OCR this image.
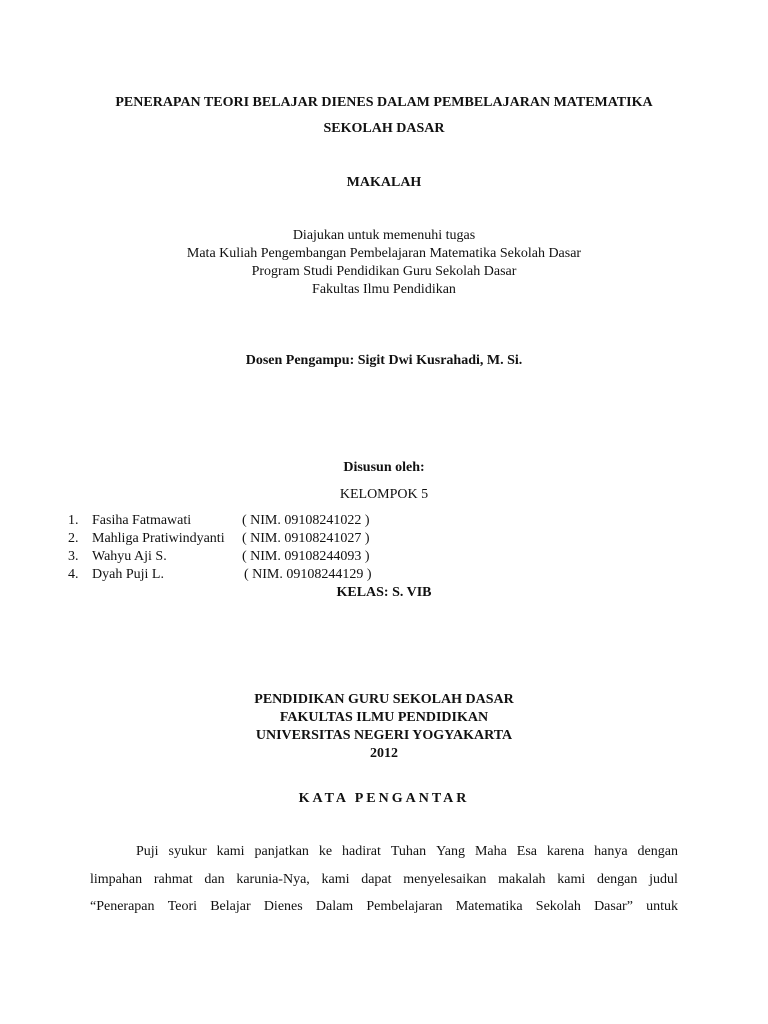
PENERAPAN TEORI BELAJAR DIENES DALAM PEMBELAJARAN MATEMATIKA
SEKOLAH DASAR
MAKALAH
Diajukan untuk memenuhi tugas
Mata Kuliah Pengembangan Pembelajaran Matematika Sekolah Dasar
Program Studi Pendidikan Guru Sekolah Dasar
Fakultas Ilmu Pendidikan
Dosen Pengampu: Sigit Dwi Kusrahadi, M. Si.
Disusun oleh:
KELOMPOK 5
1. Fasiha Fatmawati	( NIM. 09108241022 )
2. Mahliga Pratiwindyanti ( NIM. 09108241027 )
3. Wahyu Aji S.	( NIM. 09108244093 )
4. Dyah Puji L.	( NIM. 09108244129 )
KELAS: S. VIB
PENDIDIKAN GURU SEKOLAH DASAR
FAKULTAS ILMU PENDIDIKAN
UNIVERSITAS NEGERI YOGYAKARTA
2012
KATA PENGANTAR
Puji syukur kami panjatkan ke hadirat Tuhan Yang Maha Esa karena hanya dengan
limpahan rahmat dan karunia-Nya, kami dapat menyelesaikan makalah kami dengan judul
“Penerapan Teori Belajar Dienes Dalam Pembelajaran Matematika Sekolah Dasar” untuk
